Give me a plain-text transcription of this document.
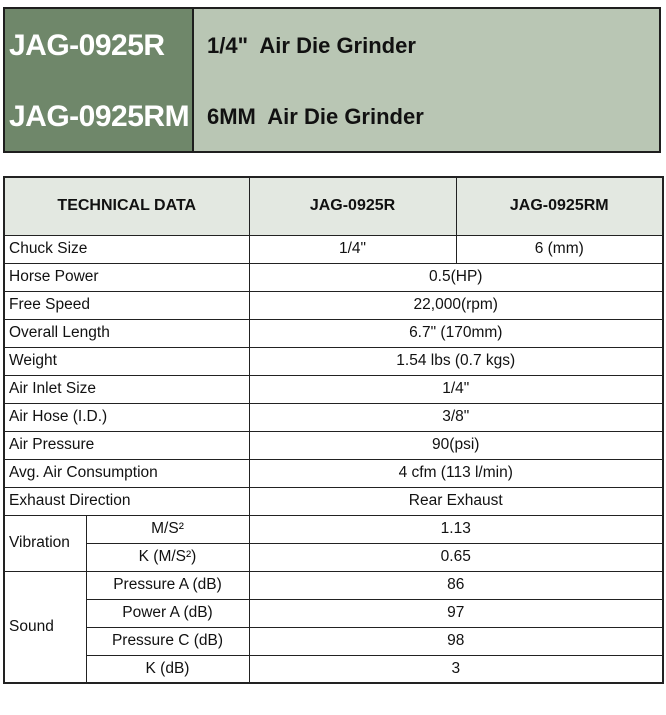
JAG-0925R	1/4"  Air Die Grinder
JAG-0925RM 6MM  Air Die Grinder
TECHNICAL DATA		JAG-0925R	JAG-0925RM
Chuck Size		1/4"	6 (mm)
Horse Power		0.5(HP)	
Free Speed		22,000(rpm)	
Overall Length		6.7" (170mm)	
Weight		1.54 lbs (0.7 kgs)	
Air Inlet Size		1/4"	
Air Hose (I.D.)		3/8"	
Air Pressure		90(psi)	
Avg. Air Consumption		4 cfm (113 l/min)	
Exhaust Direction		Rear Exhaust	
Vibration	M/S²	1.13	
	K (M/S²)	0.65	
Sound	Pressure A (dB)	86	
	Power A (dB)	97	
	Pressure C (dB)	98	
	K (dB)	3	
